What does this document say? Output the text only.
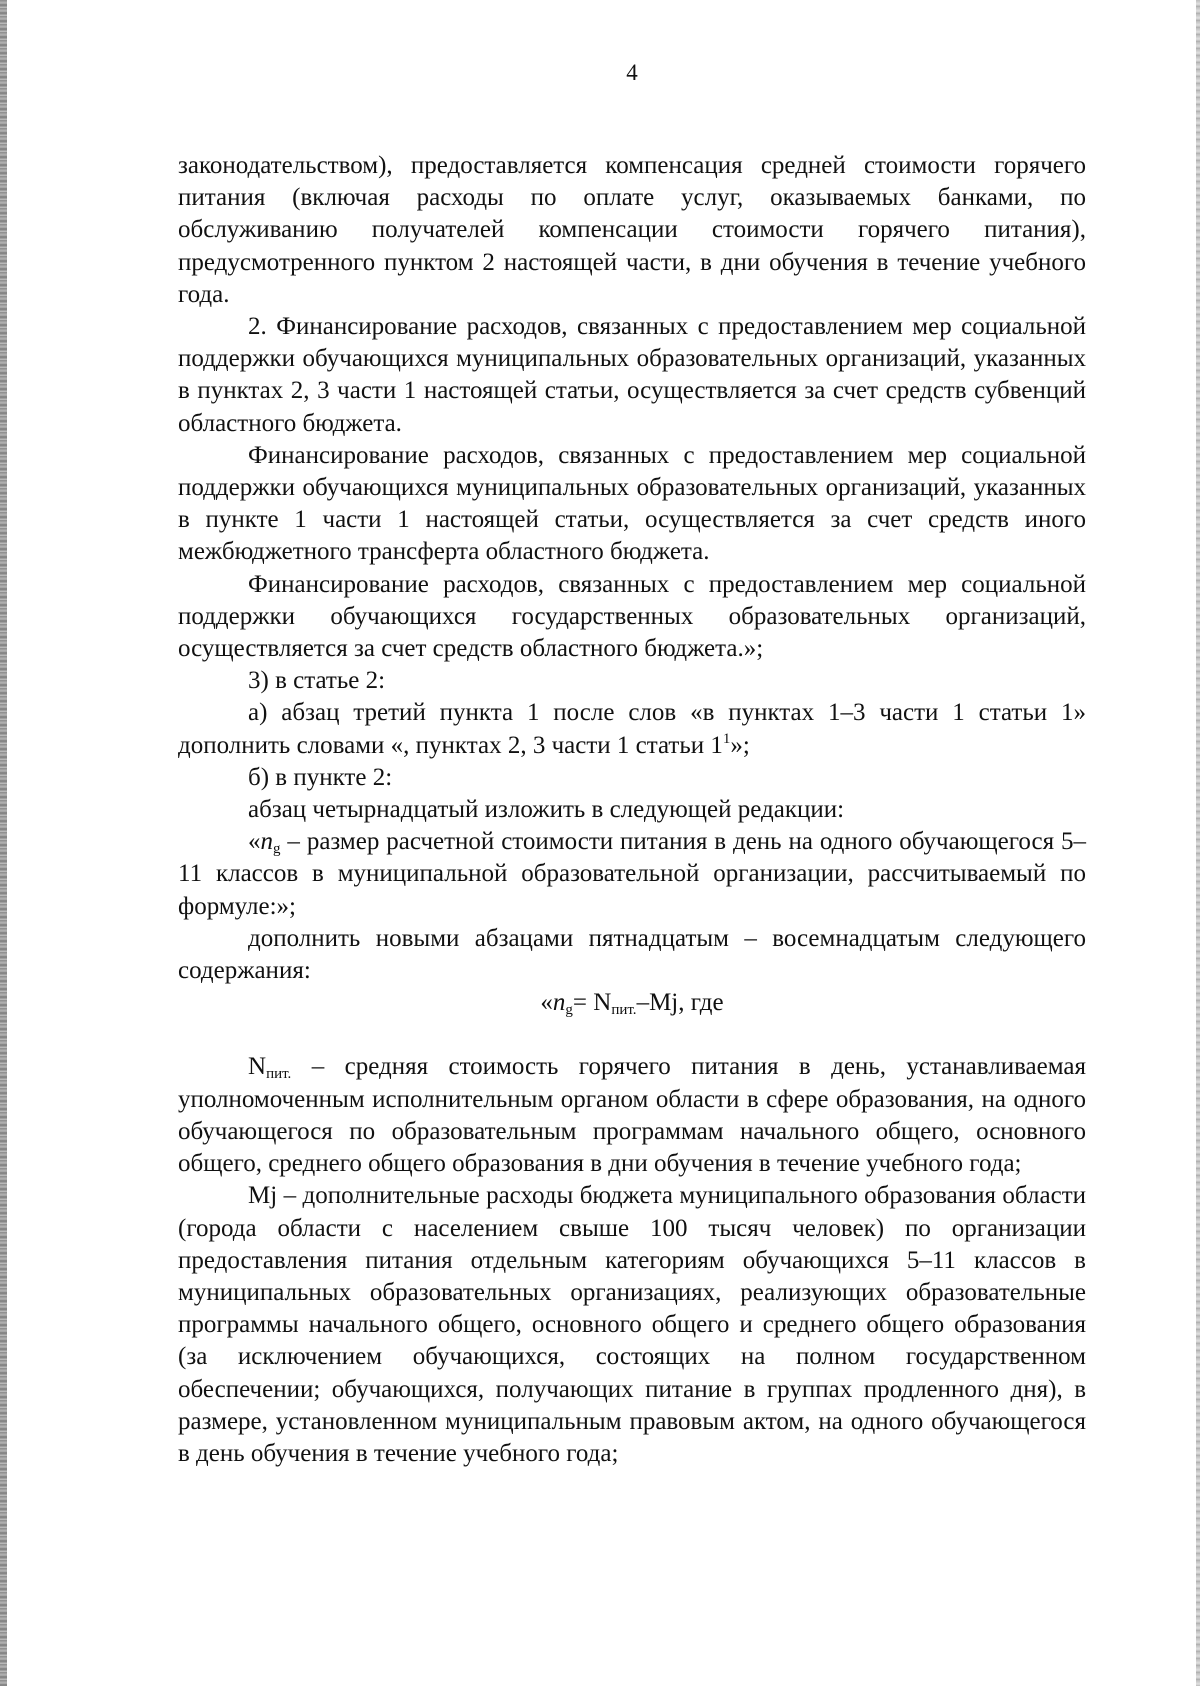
4

законодательством), предоставляется компенсация средней стоимости горячего питания (включая расходы по оплате услуг, оказываемых банками, по обслуживанию получателей компенсации стоимости горячего питания), предусмотренного пунктом 2 настоящей части, в дни обучения в течение учебного года.

2. Финансирование расходов, связанных с предоставлением мер социальной поддержки обучающихся муниципальных образовательных организаций, указанных в пунктах 2, 3 части 1 настоящей статьи, осуществляется за счет средств субвенций областного бюджета.

Финансирование расходов, связанных с предоставлением мер социальной поддержки обучающихся муниципальных образовательных организаций, указанных в пункте 1 части 1 настоящей статьи, осуществляется за счет средств иного межбюджетного трансферта областного бюджета.

Финансирование расходов, связанных с предоставлением мер социальной поддержки обучающихся государственных образовательных организаций, осуществляется за счет средств областного бюджета.»;

3) в статье 2:

а) абзац третий пункта 1 после слов «в пунктах 1–3 части 1 статьи 1» дополнить словами «, пунктах 2, 3 части 1 статьи $1^1$»;

б) в пункте 2:

абзац четырнадцатый изложить в следующей редакции:

«$n_g$ – размер расчетной стоимости питания в день на одного обучающегося 5–11 классов в муниципальной образовательной организации, рассчитываемый по формуле:»;

дополнить новыми абзацами пятнадцатым – восемнадцатым следующего содержания:

«$n_g= N_{пит.}-Mj$, где

$N_{пит.}$ – средняя стоимость горячего питания в день, устанавливаемая уполномоченным исполнительным органом области в сфере образования, на одного обучающегося по образовательным программам начального общего, основного общего, среднего общего образования в дни обучения в течение учебного года;

Mj – дополнительные расходы бюджета муниципального образования области (города области с населением свыше 100 тысяч человек) по организации предоставления питания отдельным категориям обучающихся 5–11 классов в муниципальных образовательных организациях, реализующих образовательные программы начального общего, основного общего и среднего общего образования (за исключением обучающихся, состоящих на полном государственном обеспечении; обучающихся, получающих питание в группах продленного дня), в размере, установленном муниципальным правовым актом, на одного обучающегося в день обучения в течение учебного года;
